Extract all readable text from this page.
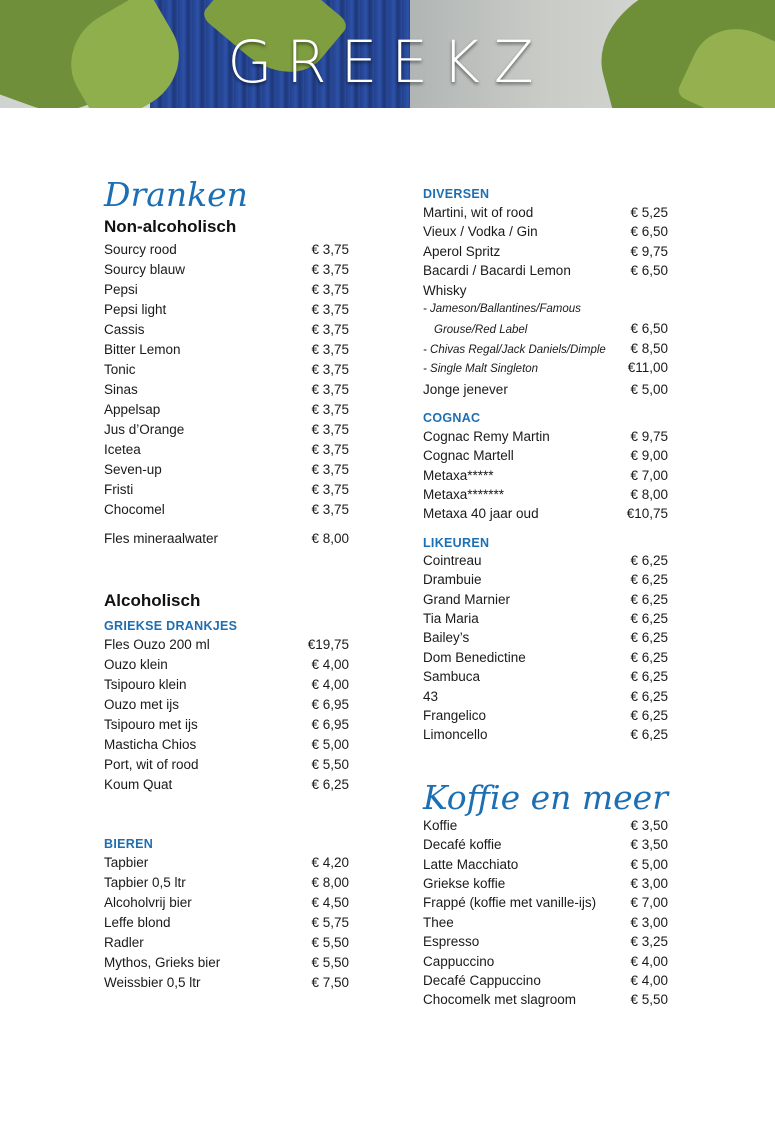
GREEKZ
Dranken
Non-alcoholisch
Sourcy rood	€ 3,75
Sourcy blauw	€ 3,75
Pepsi	€ 3,75
Pepsi light	€ 3,75
Cassis	€ 3,75
Bitter Lemon	€ 3,75
Tonic	€ 3,75
Sinas	€ 3,75
Appelsap	€ 3,75
Jus d’Orange	€ 3,75
Icetea	€ 3,75
Seven-up	€ 3,75
Fristi	€ 3,75
Chocomel	€ 3,75
Fles mineraalwater	€ 8,00
Alcoholisch
GRIEKSE DRANKJES
Fles Ouzo 200 ml	€19,75
Ouzo klein	€ 4,00
Tsipouro klein	€ 4,00
Ouzo met ijs	€ 6,95
Tsipouro met ijs	€ 6,95
Masticha Chios	€ 5,00
Port, wit of rood	€ 5,50
Koum Quat	€ 6,25
BIEREN
Tapbier	€ 4,20
Tapbier 0,5 ltr	€ 8,00
Alcoholvrij bier	€ 4,50
Leffe blond	€ 5,75
Radler	€ 5,50
Mythos, Grieks bier	€ 5,50
Weissbier 0,5 ltr	€ 7,50
DIVERSEN
Martini, wit of rood	€ 5,25
Vieux / Vodka / Gin	€ 6,50
Aperol Spritz	€ 9,75
Bacardi / Bacardi Lemon	€ 6,50
Whisky
- Jameson/Ballantines/Famous
Grouse/Red Label	€ 6,50
- Chivas Regal/Jack Daniels/Dimple € 8,50
- Single Malt Singleton	€11,00
Jonge jenever	€ 5,00
COGNAC
Cognac Remy Martin	€ 9,75
Cognac Martell	€ 9,00
Metaxa*****	€ 7,00
Metaxa*******	€ 8,00
Metaxa 40 jaar oud	€10,75
LIKEUREN
Cointreau	€ 6,25
Drambuie	€ 6,25
Grand Marnier	€ 6,25
Tia Maria	€ 6,25
Bailey’s	€ 6,25
Dom Benedictine	€ 6,25
Sambuca	€ 6,25
43	€ 6,25
Frangelico	€ 6,25
Limoncello	€ 6,25
Koffie en meer
Koffie	€ 3,50
Decafé koffie	€ 3,50
Latte Macchiato	€ 5,00
Griekse koffie	€ 3,00
Frappé (koffie met vanille-ijs)	€ 7,00
Thee	€ 3,00
Espresso	€ 3,25
Cappuccino	€ 4,00
Decafé Cappuccino	€ 4,00
Chocomelk met slagroom	€ 5,50
